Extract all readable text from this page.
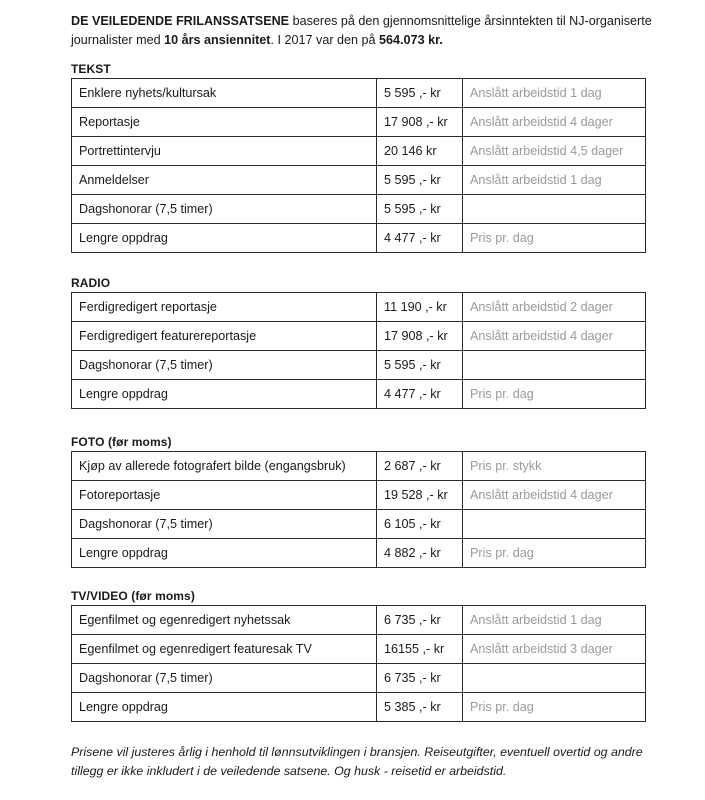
DE VEILEDENDE FRILANSSATSENE baseres på den gjennomsnittelige årsinntekten til NJ-organiserte journalister med 10 års ansiennitet. I 2017 var den på 564.073 kr.
TEKST
Enklere nyhets/kultursak	5 595 ,- kr	Anslått arbeidstid 1 dag
Reportasje	17 908 ,- kr	Anslått arbeidstid 4 dager
Portrettintervju	20 146 kr	Anslått arbeidstid 4,5 dager
Anmeldelser	5 595 ,- kr	Anslått arbeidstid 1 dag
Dagshonorar (7,5 timer)	5 595 ,- kr	
Lengre oppdrag	4 477 ,- kr	Pris pr. dag
RADIO
Ferdigredigert reportasje	11 190 ,- kr	Anslått arbeidstid 2 dager
Ferdigredigert featurereportasje	17 908 ,- kr	Anslått arbeidstid 4 dager
Dagshonorar (7,5 timer)	5 595 ,- kr	
Lengre oppdrag	4 477 ,- kr	Pris pr. dag
FOTO (før moms)
Kjøp av allerede fotografert bilde (engangsbruk)	2 687 ,- kr	Pris pr. stykk
Fotoreportasje	19 528 ,- kr	Anslått arbeidstid 4 dager
Dagshonorar (7,5 timer)	6 105 ,- kr	
Lengre oppdrag	4 882 ,- kr	Pris pr. dag
TV/VIDEO (før moms)
Egenfilmet og egenredigert nyhetssak	6 735 ,- kr	Anslått arbeidstid 1 dag
Egenfilmet og egenredigert featuresak TV	16155 ,- kr	Anslått arbeidstid 3 dager
Dagshonorar (7,5 timer)	6 735 ,- kr	
Lengre oppdrag	5 385 ,- kr	Pris pr. dag
Prisene vil justeres årlig i henhold til lønnsutviklingen i bransjen. Reiseutgifter, eventuell overtid og andre tillegg er ikke inkludert i de veiledende satsene. Og husk - reisetid er arbeidstid.
